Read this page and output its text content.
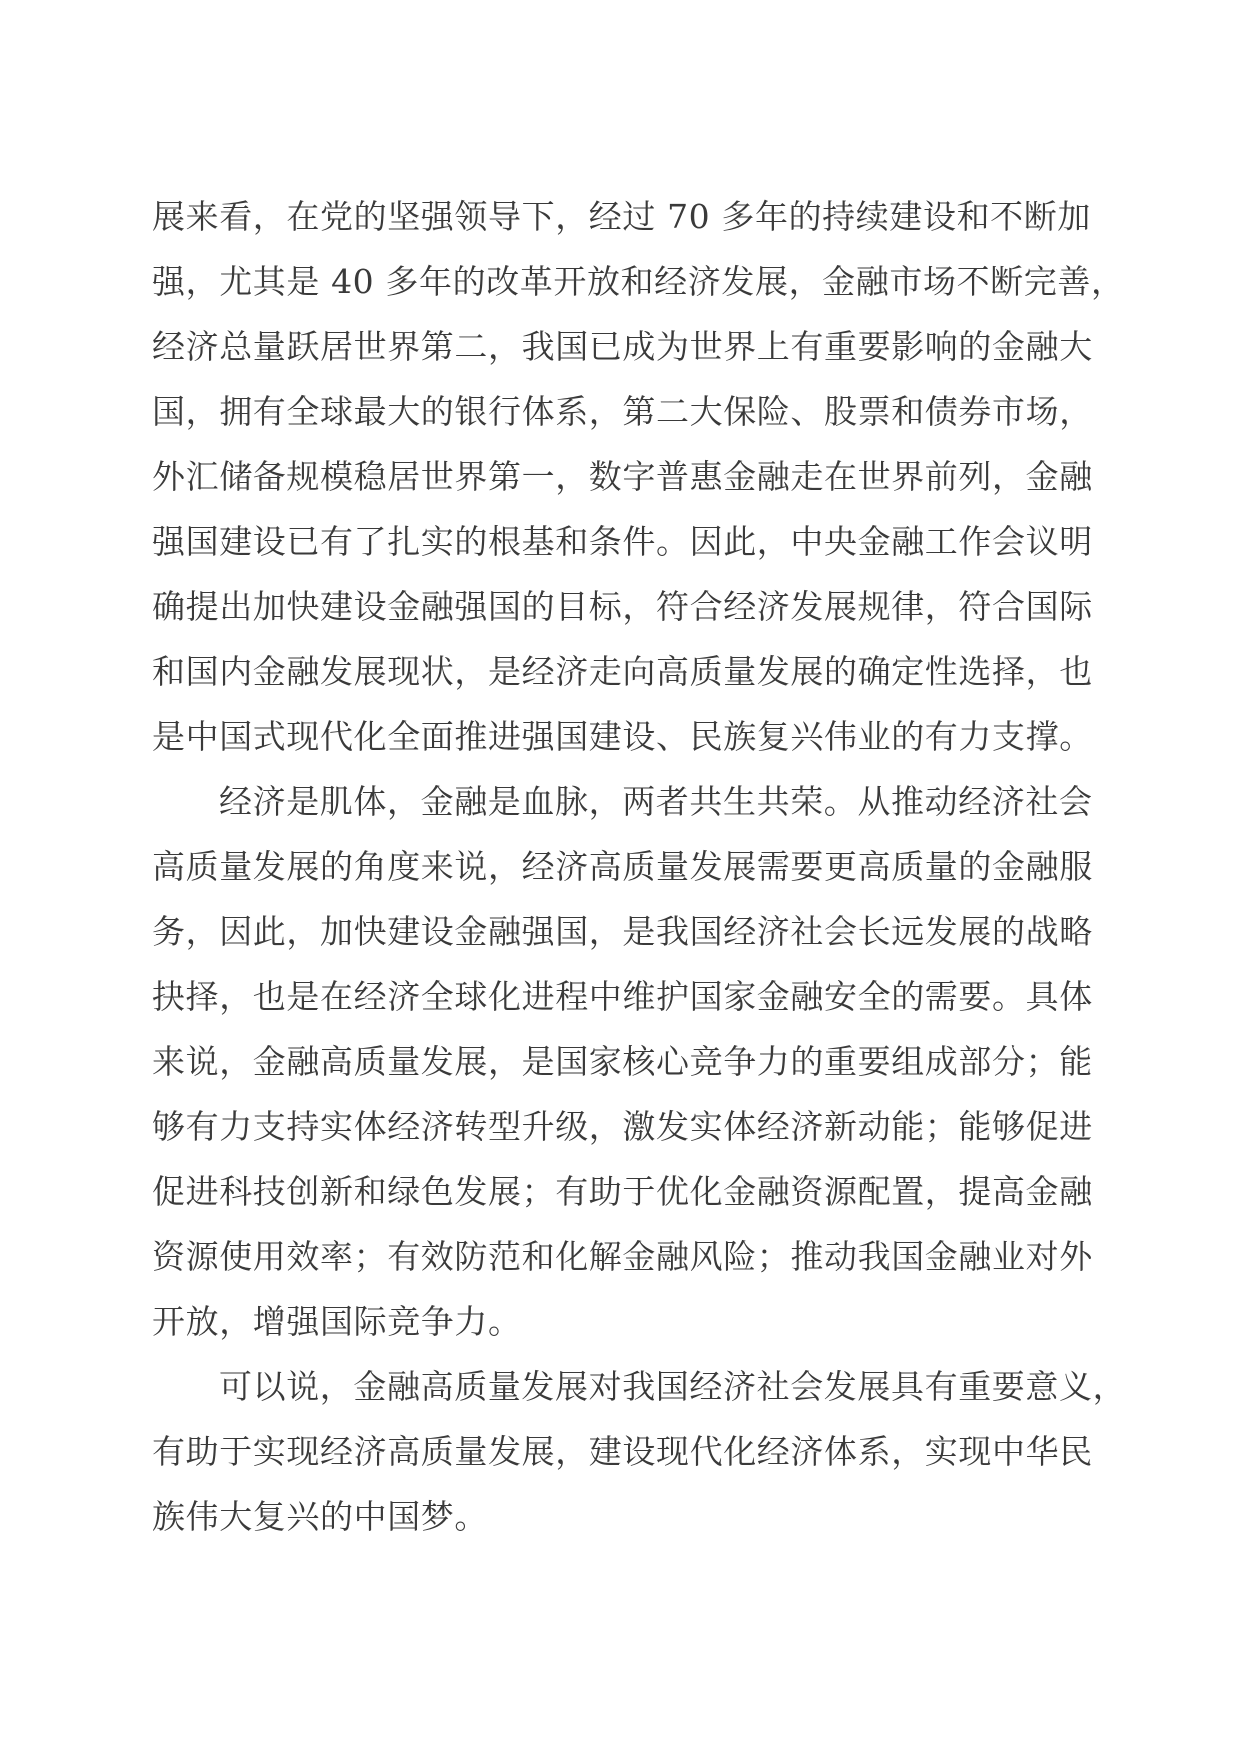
展来看，在党的坚强领导下，经过 70 多年的持续建设和不断加
强，尤其是 40 多年的改革开放和经济发展，金融市场不断完善，
经济总量跃居世界第二，我国已成为世界上有重要影响的金融大
国，拥有全球最大的银行体系，第二大保险、股票和债券市场，
外汇储备规模稳居世界第一，数字普惠金融走在世界前列，金融
强国建设已有了扎实的根基和条件。因此，中央金融工作会议明
确提出加快建设金融强国的目标，符合经济发展规律，符合国际
和国内金融发展现状，是经济走向高质量发展的确定性选择，也
是中国式现代化全面推进强国建设、民族复兴伟业的有力支撑。
经济是肌体，金融是血脉，两者共生共荣。从推动经济社会
高质量发展的角度来说，经济高质量发展需要更高质量的金融服
务，因此，加快建设金融强国，是我国经济社会长远发展的战略
抉择，也是在经济全球化进程中维护国家金融安全的需要。具体
来说，金融高质量发展，是国家核心竞争力的重要组成部分；能
够有力支持实体经济转型升级，激发实体经济新动能；能够促进
促进科技创新和绿色发展；有助于优化金融资源配置，提高金融
资源使用效率；有效防范和化解金融风险；推动我国金融业对外
开放，增强国际竞争力。
可以说，金融高质量发展对我国经济社会发展具有重要意义，
有助于实现经济高质量发展，建设现代化经济体系，实现中华民
族伟大复兴的中国梦。
